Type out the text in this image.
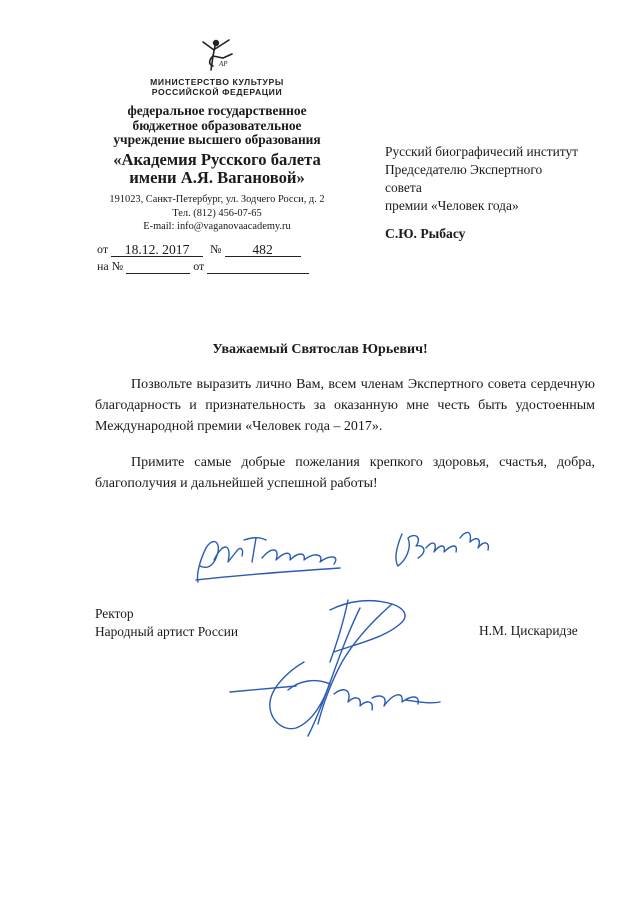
АР
МИНИСТЕРСТВО КУЛЬТУРЫ
РОССИЙСКОЙ ФЕДЕРАЦИИ
федеральное государственное
бюджетное образовательное
учреждение высшего образования
«Академия Русского балета
имени А.Я. Вагановой»
191023, Санкт-Петербург, ул. Зодчего Росси, д. 2
Тел. (812) 456-07-65
E-mail: info@vaganovaacademy.ru
от 18.12. 2017 № 482
на №	от
Русский биографичесий институт
Председателю Экспертного
совета
премии «Человек года»
С.Ю. Рыбасу
Уважаемый Святослав Юрьевич!
Позвольте выразить лично Вам, всем членам Экспертного совета сердечную благодарность и признательность за оказанную мне честь быть удостоенным Международной премии «Человек года – 2017».
Примите самые добрые пожелания крепкого здоровья, счастья, добра, благополучия и дальнейшей успешной работы!
Ректор
Народный артист России	Н.М. Цискаридзе
